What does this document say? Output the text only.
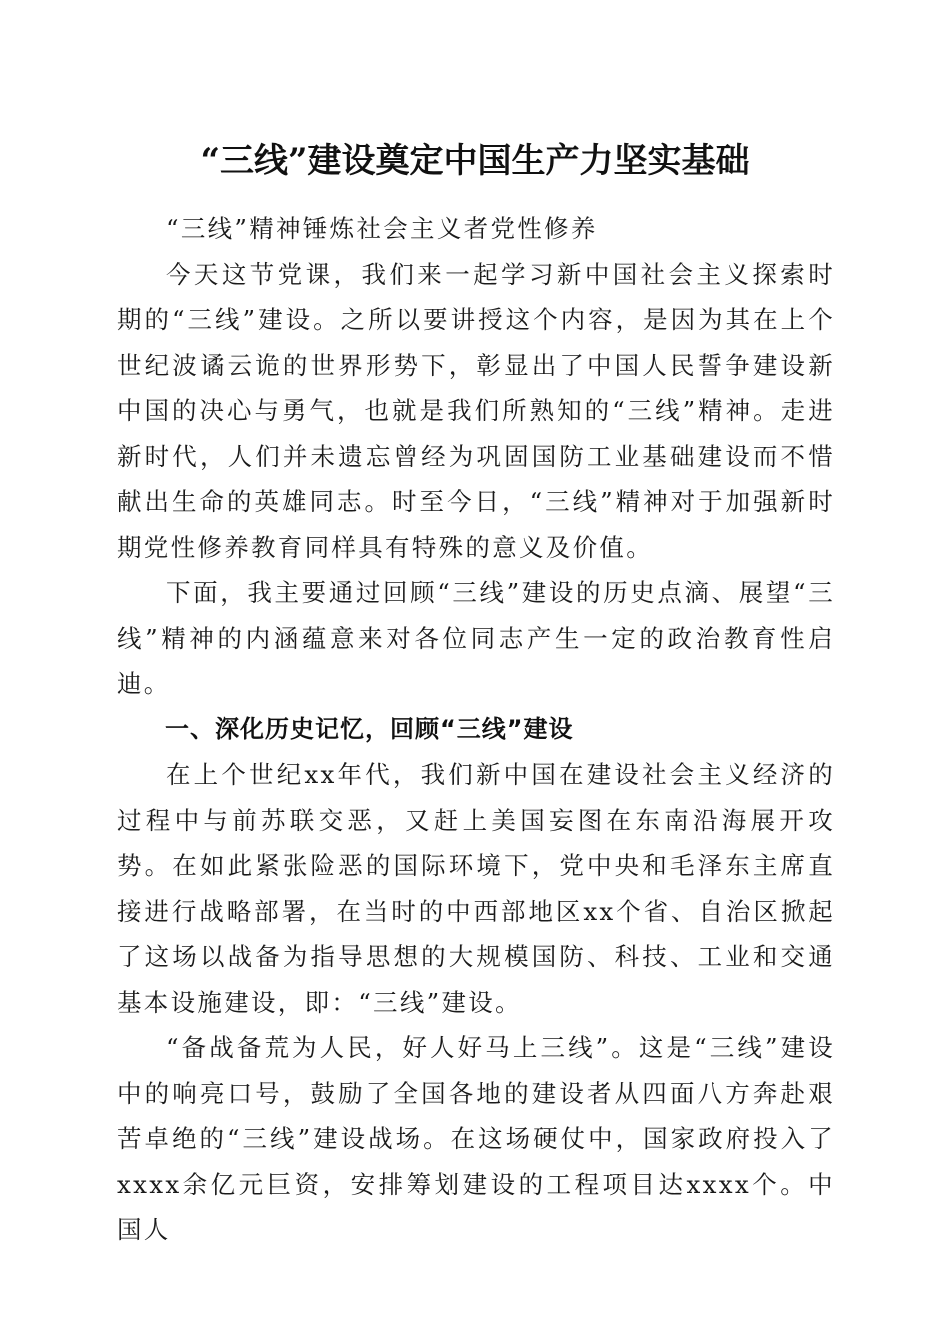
“三线”建设奠定中国生产力坚实基础

“三线”精神锤炼社会主义者党性修养

今天这节党课，我们来一起学习新中国社会主义探索时期的“三线”建设。之所以要讲授这个内容，是因为其在上个世纪波谲云诡的世界形势下，彰显出了中国人民誓争建设新中国的决心与勇气，也就是我们所熟知的“三线”精神。走进新时代，人们并未遗忘曾经为巩固国防工业基础建设而不惜献出生命的英雄同志。时至今日，“三线”精神对于加强新时期党性修养教育同样具有特殊的意义及价值。

下面，我主要通过回顾“三线”建设的历史点滴、展望“三线”精神的内涵蕴意来对各位同志产生一定的政治教育性启迪。

一、深化历史记忆，回顾“三线”建设

在上个世纪xx年代，我们新中国在建设社会主义经济的过程中与前苏联交恶，又赶上美国妄图在东南沿海展开攻势。在如此紧张险恶的国际环境下，党中央和毛泽东主席直接进行战略部署，在当时的中西部地区xx个省、自治区掀起了这场以战备为指导思想的大规模国防、科技、工业和交通基本设施建设，即：“三线”建设。

“备战备荒为人民，好人好马上三线”。这是“三线”建设中的响亮口号，鼓励了全国各地的建设者从四面八方奔赴艰苦卓绝的“三线”建设战场。在这场硬仗中，国家政府投入了xxxx余亿元巨资，安排筹划建设的工程项目达xxxx个。中国人
